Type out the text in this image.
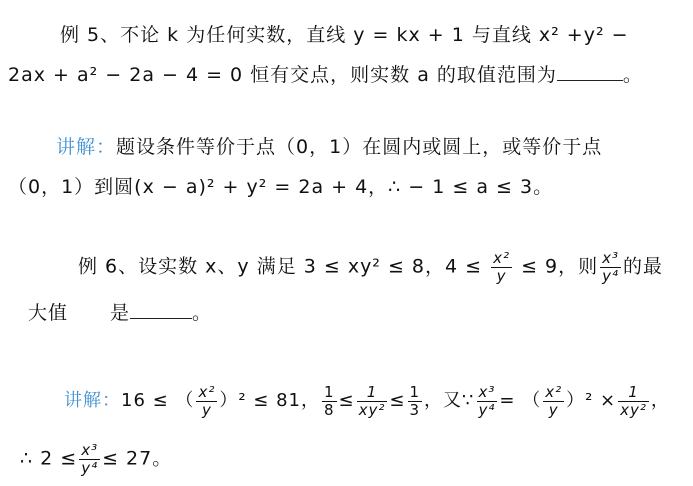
例 5、不论 k 为任何实数，直线 y = kx + 1 与直线 x² +y² −
2ax + a² − 2a − 4 = 0 恒有交点，则实数 a 的取值范围为	。
讲解：题设条件等价于点（0，1）在圆内或圆上，或等价于点
（0，1）到圆(x − a)² + y² = 2a + 4，∴ − 1 ≤ a ≤ 3。
例 6、设实数 x、y 满足 3 ≤ xy² ≤ 8，$4 \le \frac{\text{x²}}{y} \le 9$，则 $\frac{\text{x³}}{\text{y⁴}}$ 的最
大值 是	。
讲解：16 ≤ （ $\frac{\text{x²}}{y} )^2 \le 81$， $\frac{1}{8} \le \frac{1}{\text{xy²}} \le \frac{1}{3}$ ，又∵ $\frac{\text{x³}}{\text{y⁴}}$ = （ $\frac{\text{x²}}{y} )^2 \times \frac{1}{\text{xy²}}$ ，
∴ $2 \le \frac{\text{x³}}{\text{y⁴}} \le 27$。
